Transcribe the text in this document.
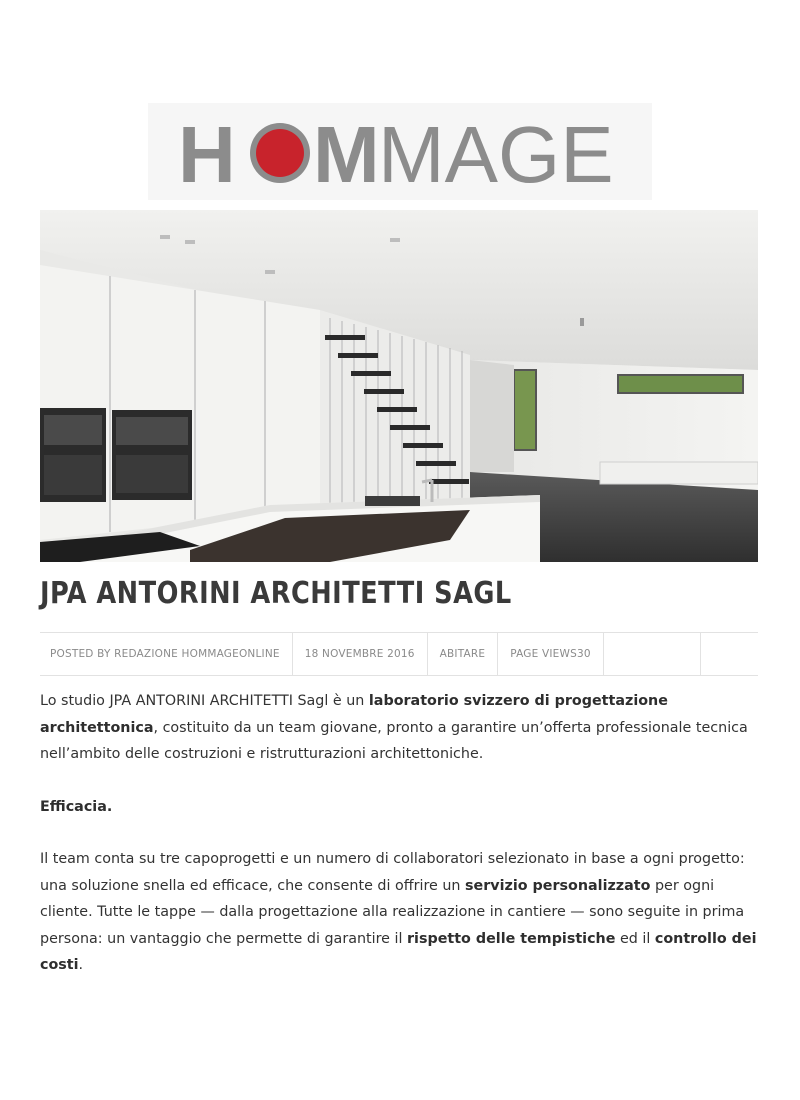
H	O M
MAGE
JPA ANTORINI ARCHITETTI SAGL
POSTED BY REDAZIONE HOMMAGEONLINE	18 NOVEMBRE 2016	ABITARE	PAGE VIEWS30

Lo studio JPA ANTORINI ARCHITETTI Sagl è un laboratorio svizzero di progettazione architettonica, costituito da un team giovane, pronto a garantire un’offerta professionale tecnica nell’ambito delle costruzioni e ristrutturazioni architettoniche.

Efficacia.

Il team conta su tre capoprogetti e un numero di collaboratori selezionato in base a ogni progetto: una soluzione snella ed efficace, che consente di offrire un servizio personalizzato per ogni cliente. Tutte le tappe — dalla progettazione alla realizzazione in cantiere — sono seguite in prima persona: un vantaggio che permette di garantire il rispetto delle tempistiche ed il controllo dei costi.
